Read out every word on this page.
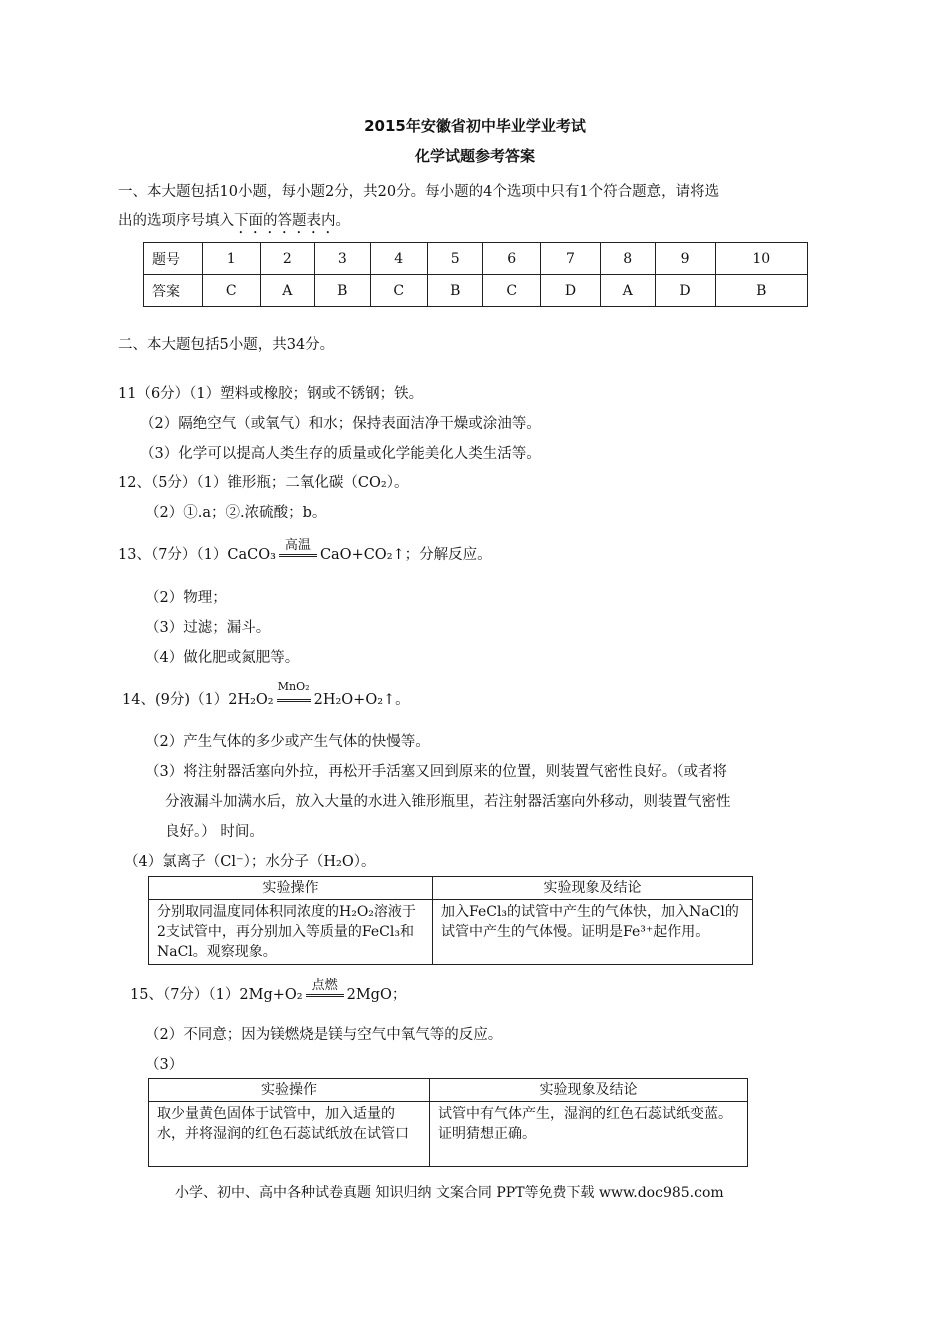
2015年安徽省初中毕业学业考试
化学试题参考答案
一、本大题包括10小题，每小题2分，共20分。每小题的4个选项中只有1个符合题意，请将选
出的选项序号填入下面的答题表内。
题号	1	2	3	4	5	6	7	8	9	10
答案	C	A	B	C	B	C	D	A	D	B
二、本大题包括5小题，共34分。
11（6分）（1）塑料或橡胶；钢或不锈钢；铁。
（2）隔绝空气（或氧气）和水；保持表面洁净干燥或涂油等。
（3）化学可以提高人类生存的质量或化学能美化人类生活等。
12、（5分）（1）锥形瓶；二氧化碳（CO₂）。
（2）①.a；②.浓硫酸；b。
13、（7分）（1）CaCO₃
高温
CaO+CO₂↑；分解反应。
（2）物理；
（3）过滤；漏斗。
（4）做化肥或氮肥等。
14、(9分)（1）2H₂O₂
MnO₂
2H₂O+O₂↑。
（2）产生气体的多少或产生气体的快慢等。
（3）将注射器活塞向外拉，再松开手活塞又回到原来的位置，则装置气密性良好。（或者将
分液漏斗加满水后，放入大量的水进入锥形瓶里，若注射器活塞向外移动，则装置气密性
良好。） 时间。
（4）氯离子（Cl⁻）；水分子（H₂O）。
实验操作	实验现象及结论
分别取同温度同体积同浓度的H₂O₂溶液于2支试管中，再分别加入等质量的FeCl₃和NaCl。观察现象。	加入FeCl₃的试管中产生的气体快，加入NaCl的试管中产生的气体慢。证明是Fe³⁺起作用。
15、（7分）（1）2Mg+O₂
点燃
2MgO；
（2）不同意；因为镁燃烧是镁与空气中氧气等的反应。
（3）
实验操作	实验现象及结论
取少量黄色固体于试管中，加入适量的水，并将湿润的红色石蕊试纸放在试管口	试管中有气体产生，湿润的红色石蕊试纸变蓝。证明猜想正确。
小学、初中、高中各种试卷真题 知识归纳 文案合同 PPT等免费下载 www.doc985.com
